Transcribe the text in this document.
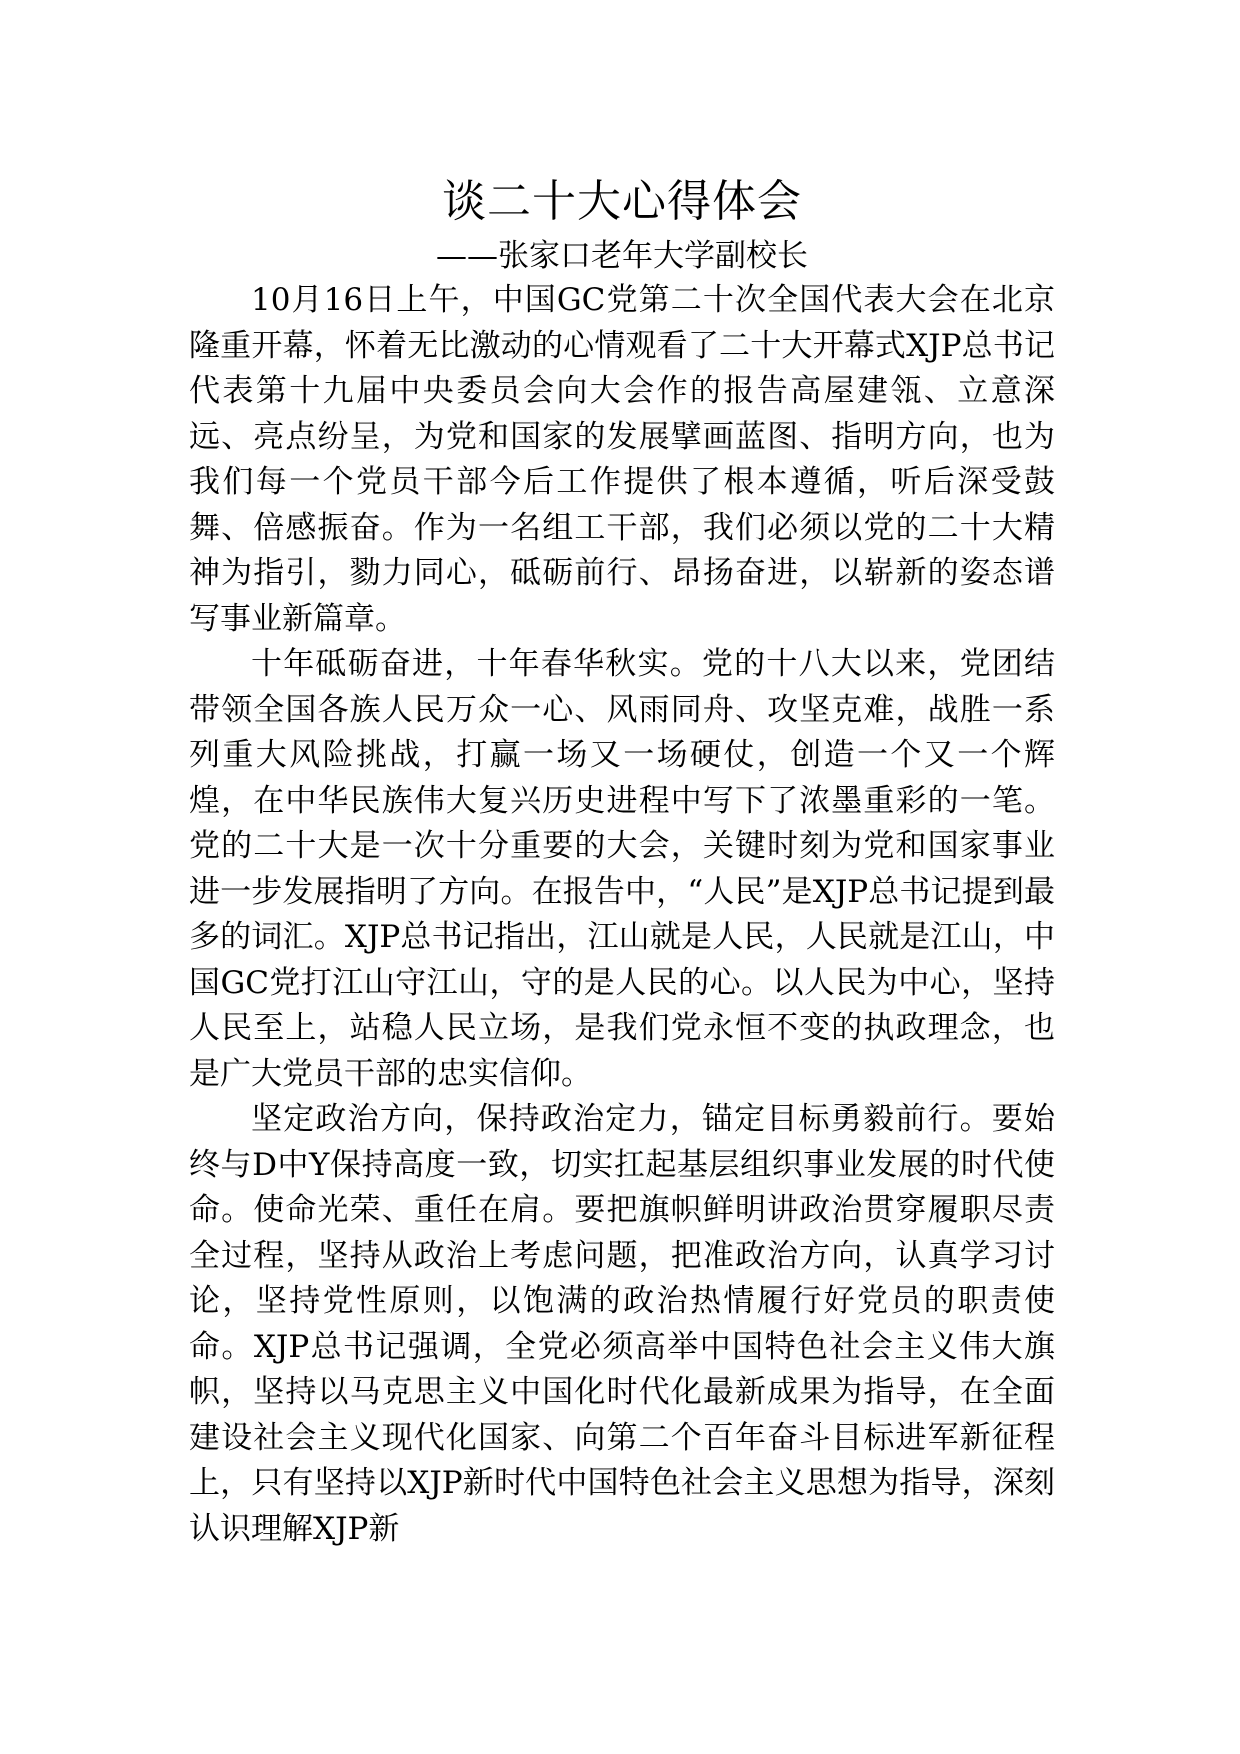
谈二十大心得体会

——张家口老年大学副校长

10月16日上午，中国GC党第二十次全国代表大会在北京隆重开幕，怀着无比激动的心情观看了二十大开幕式XJP总书记代表第十九届中央委员会向大会作的报告高屋建瓴、立意深远、亮点纷呈，为党和国家的发展擘画蓝图、指明方向，也为我们每一个党员干部今后工作提供了根本遵循，听后深受鼓舞、倍感振奋。作为一名组工干部，我们必须以党的二十大精神为指引，勠力同心，砥砺前行、昂扬奋进，以崭新的姿态谱写事业新篇章。

十年砥砺奋进，十年春华秋实。党的十八大以来，党团结带领全国各族人民万众一心、风雨同舟、攻坚克难，战胜一系列重大风险挑战，打赢一场又一场硬仗，创造一个又一个辉煌，在中华民族伟大复兴历史进程中写下了浓墨重彩的一笔。党的二十大是一次十分重要的大会，关键时刻为党和国家事业进一步发展指明了方向。在报告中，“人民”是XJP总书记提到最多的词汇。XJP总书记指出，江山就是人民，人民就是江山，中国GC党打江山守江山，守的是人民的心。以人民为中心，坚持人民至上，站稳人民立场，是我们党永恒不变的执政理念，也是广大党员干部的忠实信仰。

坚定政治方向，保持政治定力，锚定目标勇毅前行。要始终与D中Y保持高度一致，切实扛起基层组织事业发展的时代使命。使命光荣、重任在肩。要把旗帜鲜明讲政治贯穿履职尽责全过程，坚持从政治上考虑问题，把准政治方向，认真学习讨论，坚持党性原则，以饱满的政治热情履行好党员的职责使命。XJP总书记强调，全党必须高举中国特色社会主义伟大旗帜，坚持以马克思主义中国化时代化最新成果为指导，在全面建设社会主义现代化国家、向第二个百年奋斗目标进军新征程上，只有坚持以XJP新时代中国特色社会主义思想为指导，深刻认识理解XJP新
